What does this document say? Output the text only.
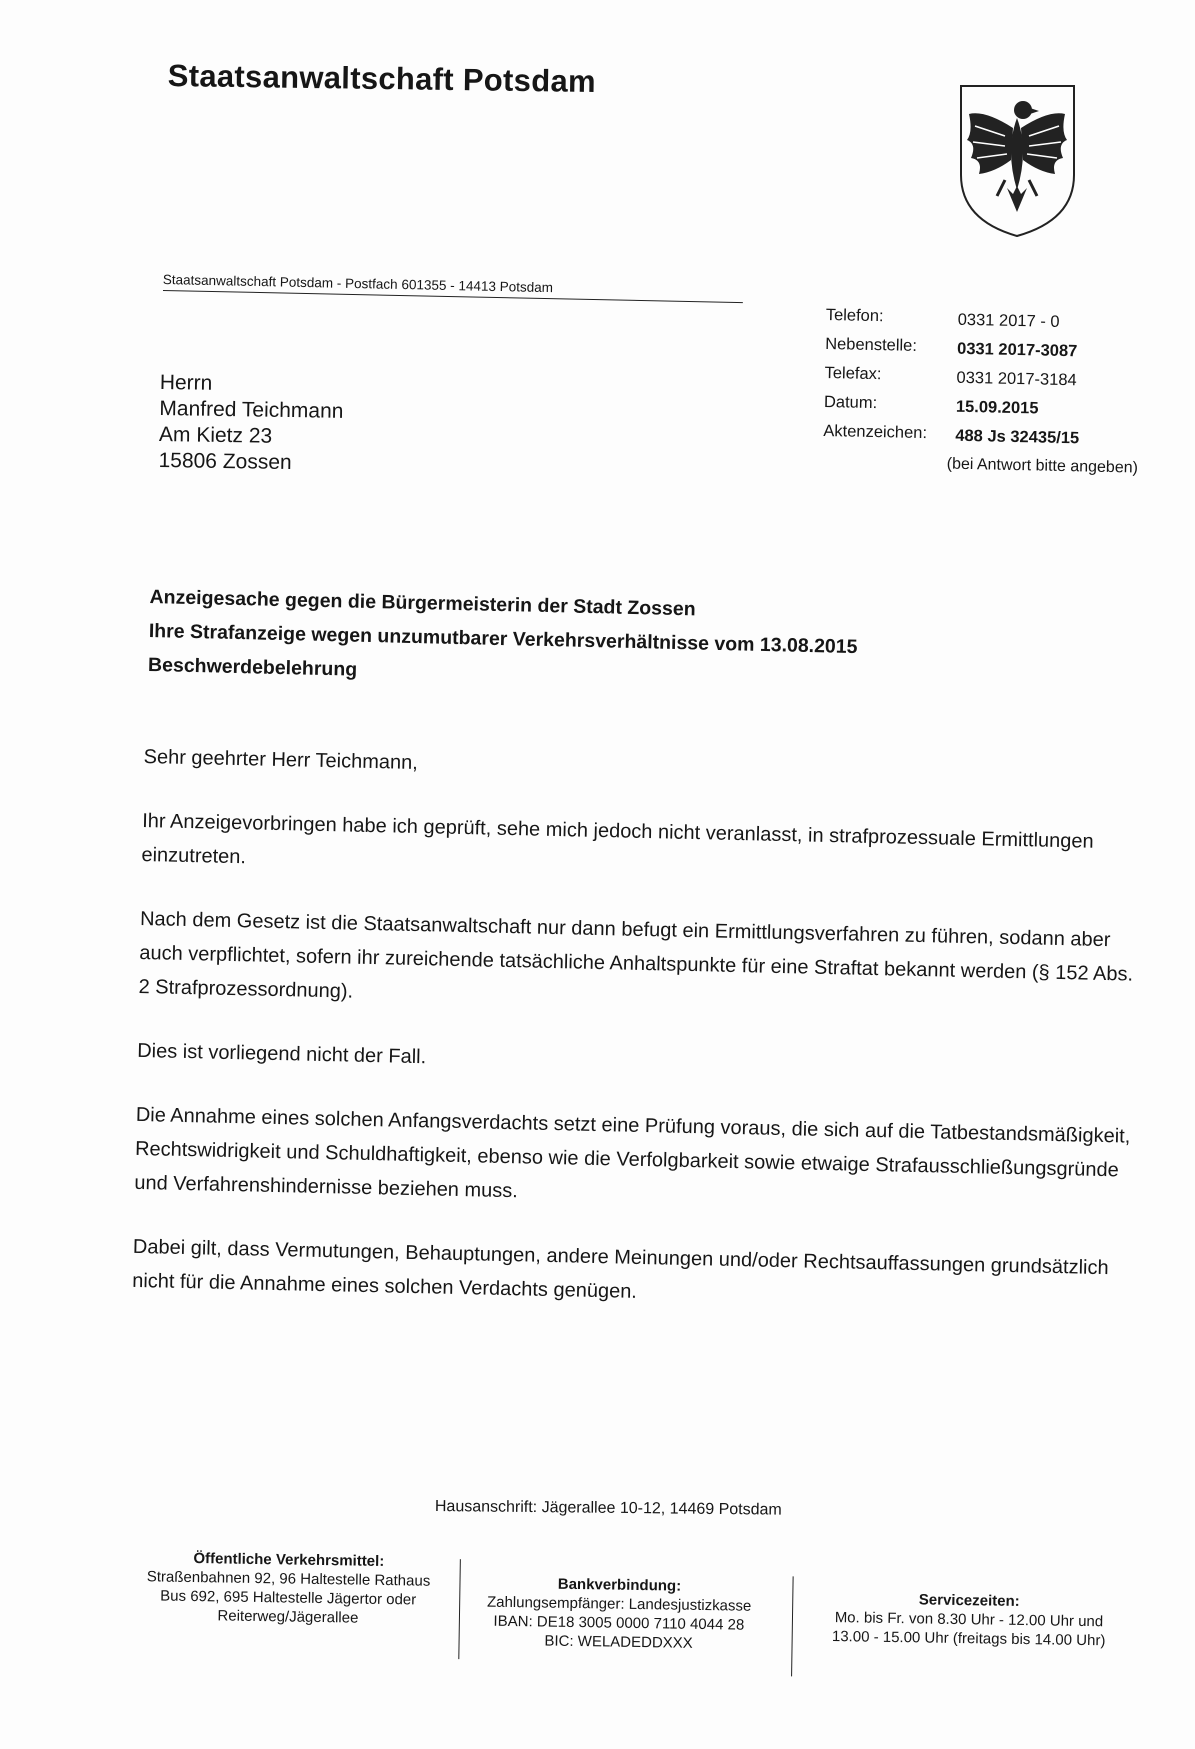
Staatsanwaltschaft Potsdam
Staatsanwaltschaft Potsdam - Postfach 601355 - 14413 Potsdam
Telefon:	0331 2017 - 0
Nebenstelle: 0331 2017-3087
Telefax:	0331 2017-3184
Datum:	15.09.2015
Aktenzeichen: 488 Js 32435/15
(bei Antwort bitte angeben)
Herrn
Manfred Teichmann
Am Kietz 23
15806 Zossen
Anzeigesache gegen die Bürgermeisterin der Stadt Zossen
Ihre Strafanzeige wegen unzumutbarer Verkehrsverhältnisse vom 13.08.2015
Beschwerdebelehrung

Sehr geehrter Herr Teichmann,

Ihr Anzeigevorbringen habe ich geprüft, sehe mich jedoch nicht veranlasst, in strafprozessuale Ermittlungen einzutreten.

Nach dem Gesetz ist die Staatsanwaltschaft nur dann befugt ein Ermittlungsverfahren zu führen, sodann aber auch verpflichtet, sofern ihr zureichende tatsächliche Anhaltspunkte für eine Straftat bekannt werden (§ 152 Abs. 2 Strafprozessordnung).

Dies ist vorliegend nicht der Fall.

Die Annahme eines solchen Anfangsverdachts setzt eine Prüfung voraus, die sich auf die Tatbestandsmäßigkeit, Rechtswidrigkeit und Schuldhaftigkeit, ebenso wie die Verfolgbarkeit sowie etwaige Strafausschließungsgründe und Verfahrenshindernisse beziehen muss.

Dabei gilt, dass Vermutungen, Behauptungen, andere Meinungen und/oder Rechtsauffassungen grundsätzlich nicht für die Annahme eines solchen Verdachts genügen.

Hausanschrift: Jägerallee 10-12, 14469 Potsdam
Öffentliche Verkehrsmittel:
Straßenbahnen 92, 96 Haltestelle Rathaus
Bus 692, 695 Haltestelle Jägertor oder
Reiterweg/Jägerallee
Bankverbindung:
Zahlungsempfänger: Landesjustizkasse
IBAN: DE18 3005 0000 7110 4044 28
BIC: WELADEDDXXX
Servicezeiten:
Mo. bis Fr. von 8.30 Uhr - 12.00 Uhr und
13.00 - 15.00 Uhr (freitags bis 14.00 Uhr)
